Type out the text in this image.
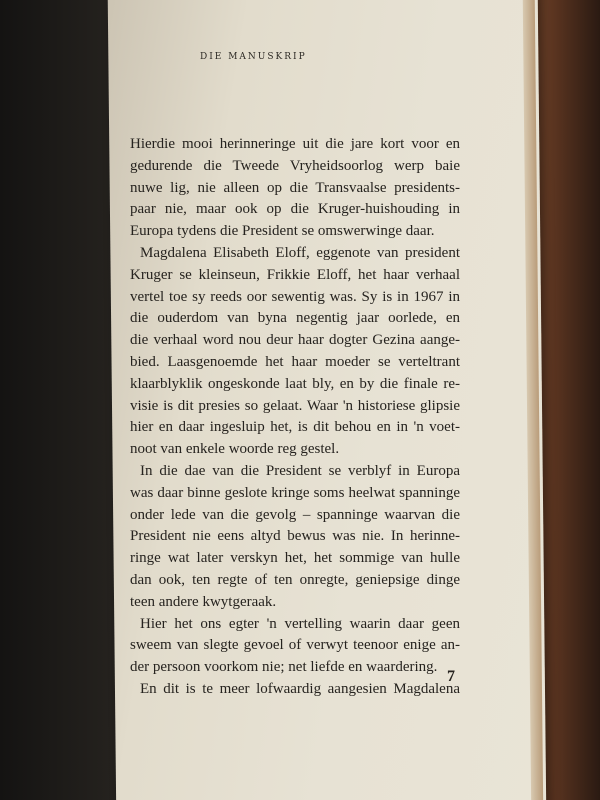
DIE MANUSKRIP
Hierdie mooi herinneringe uit die jare kort voor en
gedurende die Tweede Vryheidsoorlog werp baie
nuwe lig, nie alleen op die Transvaalse presidents-
paar nie, maar ook op die Kruger-huishouding in
Europa tydens die President se omswerwinge daar.
Magdalena Elisabeth Eloff, eggenote van president
Kruger se kleinseun, Frikkie Eloff, het haar verhaal
vertel toe sy reeds oor sewentig was. Sy is in 1967 in
die ouderdom van byna negentig jaar oorlede, en
die verhaal word nou deur haar dogter Gezina aange-
bied. Laasgenoemde het haar moeder se verteltrant
klaarblyklik ongeskonde laat bly, en by die finale re-
visie is dit presies so gelaat. Waar 'n historiese glipsie
hier en daar ingesluip het, is dit behou en in 'n voet-
noot van enkele woorde reg gestel.
In die dae van die President se verblyf in Europa
was daar binne geslote kringe soms heelwat spanninge
onder lede van die gevolg – spanninge waarvan die
President nie eens altyd bewus was nie. In herinne-
ringe wat later verskyn het, het sommige van hulle
dan ook, ten regte of ten onregte, geniepsige dinge
teen andere kwytgeraak.
Hier het ons egter 'n vertelling waarin daar geen
sweem van slegte gevoel of verwyt teenoor enige an-
der persoon voorkom nie; net liefde en waardering.
En dit is te meer lofwaardig aangesien Magdalena
7
